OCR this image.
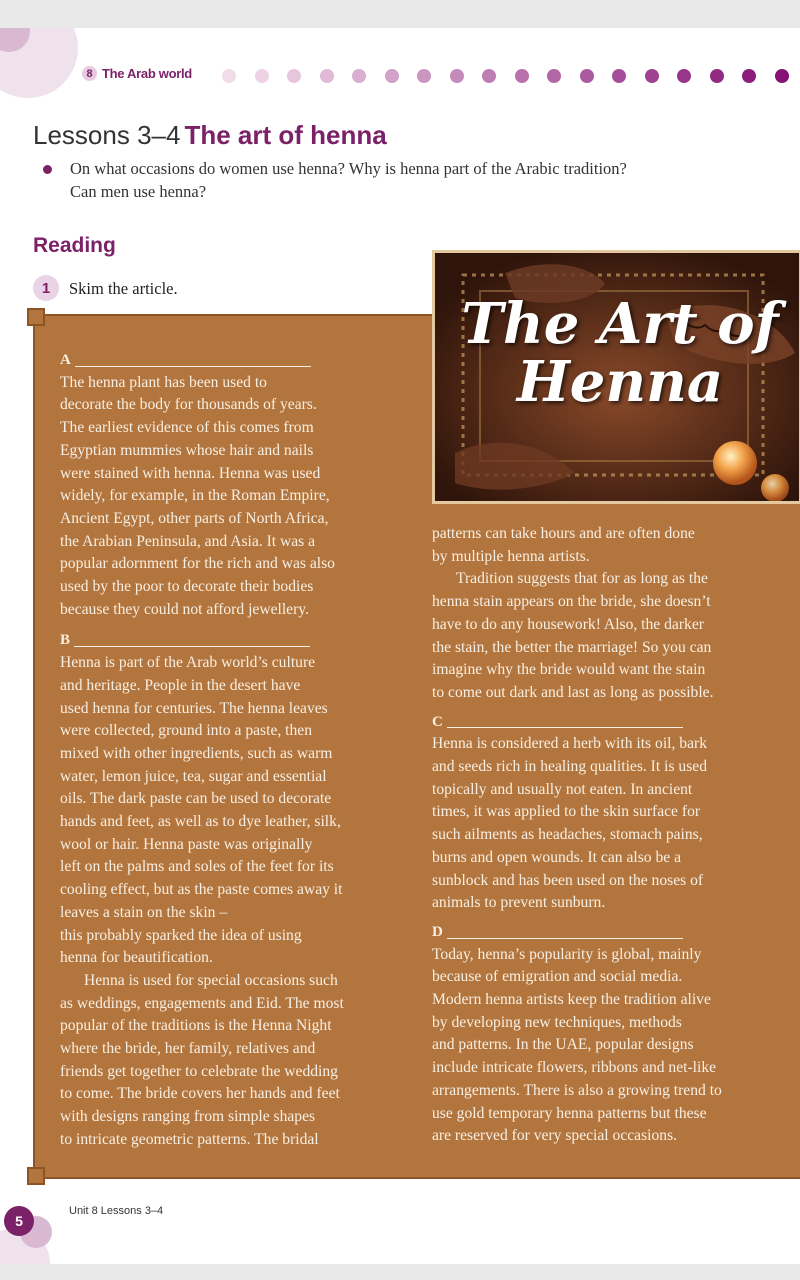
8 The Arab world
Lessons 3–4 The art of henna
On what occasions do women use henna? Why is henna part of the Arabic tradition?
Can men use henna?
Reading
1	Skim the article.
A

The henna plant has been used to
decorate the body for thousands of years.
The earliest evidence of this comes from
Egyptian mummies whose hair and nails
were stained with henna. Henna was used
widely, for example, in the Roman Empire,
Ancient Egypt, other parts of North Africa,
the Arabian Peninsula, and Asia. It was a
popular adornment for the rich and was also
used by the poor to decorate their bodies
because they could not afford jewellery.

B

Henna is part of the Arab world’s culture
and heritage. People in the desert have
used henna for centuries. The henna leaves
were collected, ground into a paste, then
mixed with other ingredients, such as warm
water, lemon juice, tea, sugar and essential
oils. The dark paste can be used to decorate
hands and feet, as well as to dye leather, silk,
wool or hair. Henna paste was originally
left on the palms and soles of the feet for its
cooling effect, but as the paste comes away it
leaves a stain on the skin –
this probably sparked the idea of using
henna for beautification.

Henna is used for special occasions such
as weddings, engagements and Eid. The most
popular of the traditions is the Henna Night
where the bride, her family, relatives and
friends get together to celebrate the wedding
to come. The bride covers her hands and feet
with designs ranging from simple shapes
to intricate geometric patterns. The bridal

patterns can take hours and are often done
by multiple henna artists.

Tradition suggests that for as long as the
henna stain appears on the bride, she doesn’t
have to do any housework! Also, the darker
the stain, the better the marriage! So you can
imagine why the bride would want the stain
to come out dark and last as long as possible.

C

Henna is considered a herb with its oil, bark
and seeds rich in healing qualities. It is used
topically and usually not eaten. In ancient
times, it was applied to the skin surface for
such ailments as headaches, stomach pains,
burns and open wounds. It can also be a
sunblock and has been used on the noses of
animals to prevent sunburn.

D

Today, henna’s popularity is global, mainly
because of emigration and social media.
Modern henna artists keep the tradition alive
by developing new techniques, methods
and patterns. In the UAE, popular designs
include intricate flowers, ribbons and net-like
arrangements. There is also a growing trend to
use gold temporary henna patterns but these
are reserved for very special occasions.

The Art of
Henna
5
Unit 8 Lessons 3–4
